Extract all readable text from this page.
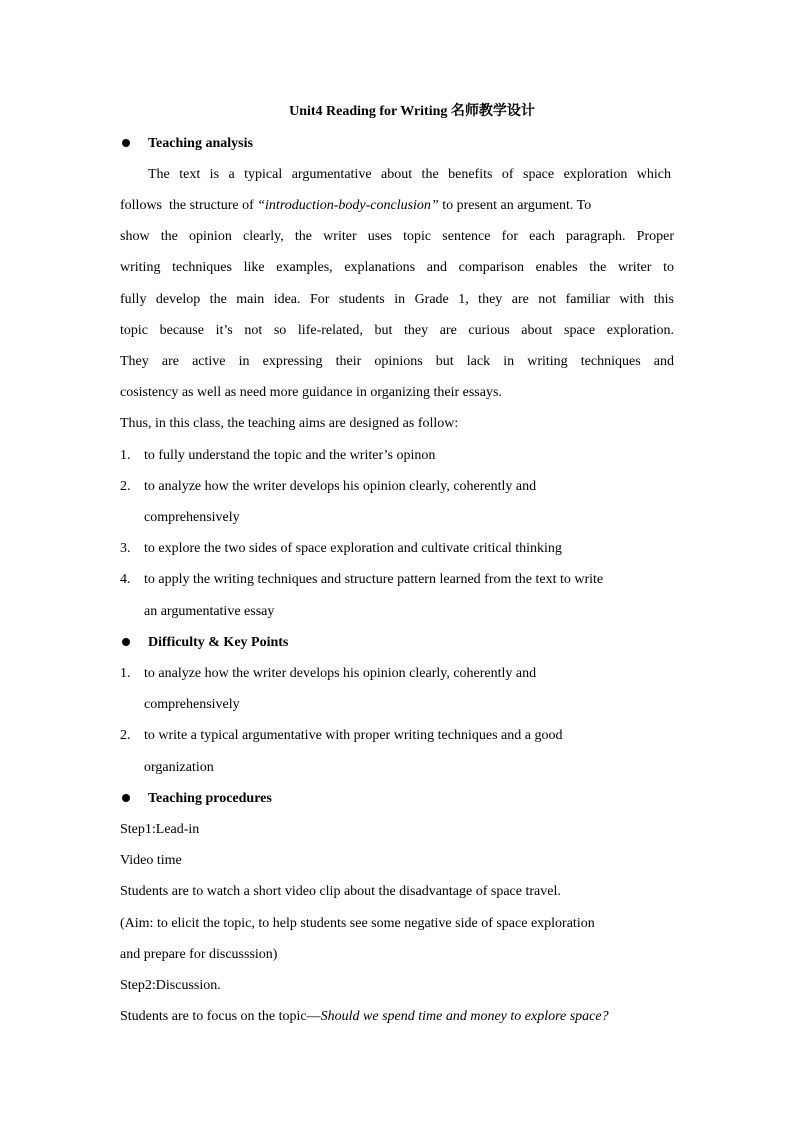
Unit4 Reading for Writing 名师教学设计
Teaching analysis
The text is a typical argumentative about the benefits of space exploration which
follows the structure of “introduction-body-conclusion” to present an argument. To
show the opinion clearly, the writer uses topic sentence for each paragraph. Proper
writing techniques like examples, explanations and comparison enables the writer to
fully develop the main idea. For students in Grade 1, they are not familiar with this
topic because it’s not so life-related, but they are curious about space exploration.
They are active in expressing their opinions but lack in writing techniques and
cosistency as well as need more guidance in organizing their essays.
Thus, in this class, the teaching aims are designed as follow:
1. to fully understand the topic and the writer’s opinon
2. to analyze how the writer develops his opinion clearly, coherently and
comprehensively
3. to explore the two sides of space exploration and cultivate critical thinking
4. to apply the writing techniques and structure pattern learned from the text to write
an argumentative essay
Difficulty & Key Points
1. to analyze how the writer develops his opinion clearly, coherently and
comprehensively
2. to write a typical argumentative with proper writing techniques and a good
organization
Teaching procedures
Step1:Lead-in
Video time
Students are to watch a short video clip about the disadvantage of space travel.
(Aim: to elicit the topic, to help students see some negative side of space exploration
and prepare for discusssion)
Step2:Discussion.
Students are to focus on the topic—Should we spend time and money to explore space?
